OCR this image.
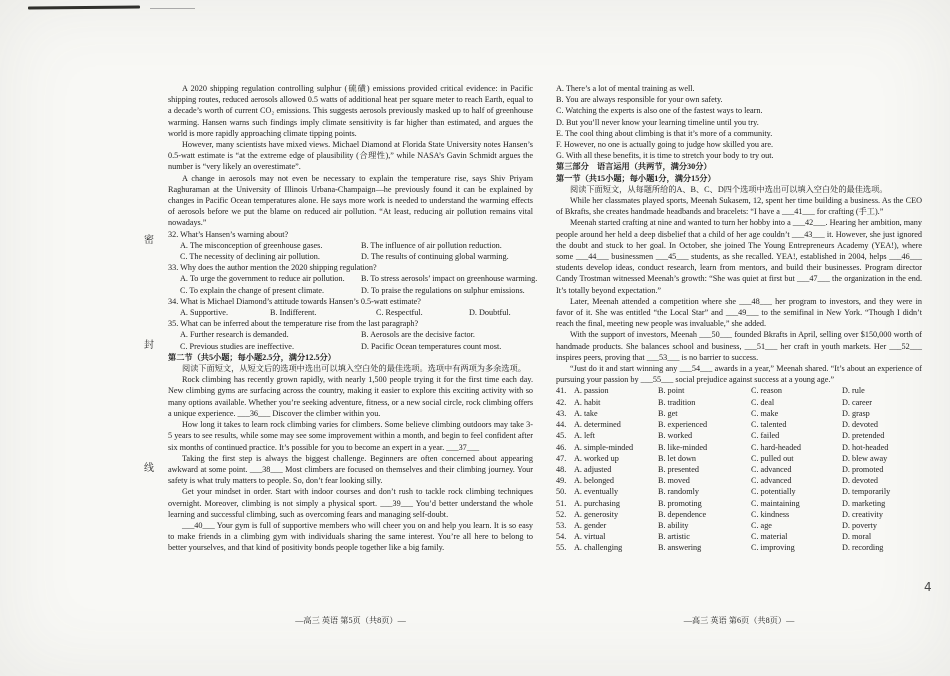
密
封
线

A 2020 shipping regulation controlling sulphur (硫磺) emissions provided critical evidence: in Pacific shipping routes, reduced aerosols allowed 0.5 watts of additional heat per square meter to reach Earth, equal to a decade’s worth of current CO₂ emissions. This suggests aerosols previously masked up to half of greenhouse warming. Hansen warns such findings imply climate sensitivity is far higher than estimated, and argues the world is more rapidly approaching climate tipping points.

However, many scientists have mixed views. Michael Diamond at Florida State University notes Hansen’s 0.5-watt estimate is “at the extreme edge of plausibility (合理性),” while NASA’s Gavin Schmidt argues the number is “very likely an overestimate”.

A change in aerosols may not even be necessary to explain the temperature rise, says Shiv Priyam Raghuraman at the University of Illinois Urbana-Champaign—he previously found it can be explained by changes in Pacific Ocean temperatures alone. He says more work is needed to understand the warming effects of aerosols before we put the blame on reduced air pollution. “At least, reducing air pollution remains vital nowadays.”

32. What’s Hansen’s warning about?
A. The misconception of greenhouse gases.	B. The influence of air pollution reduction.
C. The necessity of declining air pollution.	D. The results of continuing global warming.
33. Why does the author mention the 2020 shipping regulation?
A. To urge the government to reduce air pollution.	B. To stress aerosols’ impact on greenhouse warming.
C. To explain the change of present climate.	D. To praise the regulations on sulphur emissions.
34. What is Michael Diamond’s attitude towards Hansen’s 0.5-watt estimate?
A. Supportive.	B. Indifferent.	C. Respectful.	D. Doubtful.
35. What can be inferred about the temperature rise from the last paragraph?
A. Further research is demanded.	B. Aerosols are the decisive factor.
C. Previous studies are ineffective.	D. Pacific Ocean temperatures count most.
第二节（共5小题；每小题2.5分，满分12.5分）
阅读下面短文，从短文后的选项中选出可以填入空白处的最佳选项。选项中有两项为多余选项。

Rock climbing has recently grown rapidly, with nearly 1,500 people trying it for the first time each day. New climbing gyms are surfacing across the country, making it easier to explore this exciting activity with so many options available. Whether you’re seeking adventure, fitness, or a new social circle, rock climbing offers a unique experience. ___36___ Discover the climber within you.

How long it takes to learn rock climbing varies for climbers. Some believe climbing outdoors may take 3-5 years to see results, while some may see some improvement within a month, and begin to feel confident after six months of continued practice. It’s possible for you to become an expert in a year. ___37___

Taking the first step is always the biggest challenge. Beginners are often concerned about appearing awkward at some point. ___38___ Most climbers are focused on themselves and their climbing journey. Your safety is what truly matters to people. So, don’t fear looking silly.

Get your mindset in order. Start with indoor courses and don’t rush to tackle rock climbing techniques overnight. Moreover, climbing is not simply a physical sport. ___39___ You’d better understand the whole learning and successful climbing, such as overcoming fears and managing self-doubt.

___40___ Your gym is full of supportive members who will cheer you on and help you learn. It is so easy to make friends in a climbing gym with individuals sharing the same interest. You’re all here to belong to better yourselves, and that kind of positivity bonds people together like a big family.

A. There’s a lot of mental training as well.
B. You are always responsible for your own safety.
C. Watching the experts is also one of the fastest ways to learn.
D. But you’ll never know your learning timeline until you try.
E. The cool thing about climbing is that it’s more of a community.
F. However, no one is actually going to judge how skilled you are.
G. With all these benefits, it is time to stretch your body to try out.
第三部分　语言运用（共两节，满分30分）
第一节（共15小题；每小题1分，满分15分）
阅读下面短文，从每题所给的A、B、C、D四个选项中选出可以填入空白处的最佳选项。

While her classmates played sports, Meenah Sukasem, 12, spent her time building a business. As the CEO of Bkrafts, she creates handmade headbands and bracelets: “I have a ___41___ for crafting (手工).”

Meenah started crafting at nine and wanted to turn her hobby into a ___42___. Hearing her ambition, many people around her held a deep disbelief that a child of her age couldn’t ___43___ it. However, she just ignored the doubt and stuck to her goal. In October, she joined The Young Entrepreneurs Academy (YEA!), where some ___44___ businessmen ___45___ students, as she recalled. YEA!, established in 2004, helps ___46___ students develop ideas, conduct research, learn from mentors, and build their businesses. Program director Candy Trostman witnessed Meenah’s growth: “She was quiet at first but ___47___ the organization in the end. It’s totally beyond expectation.”

Later, Meenah attended a competition where she ___48___ her program to investors, and they were in favor of it. She was entitled “the Local Star” and ___49___ to the semifinal in New York. “Though I didn’t reach the final, meeting new people was invaluable,” she added.

With the support of investors, Meenah ___50___ founded Bkrafts in April, selling over $150,000 worth of handmade products. She balances school and business, ___51___ her craft in youth markets. Her ___52___ inspires peers, proving that ___53___ is no barrier to success.

“Just do it and start winning any ___54___ awards in a year,” Meenah shared. “It’s about an experience of pursuing your passion by ___55___ social prejudice against success at a young age.”

41. A. passion	B. point	C. reason	D. rule
42. A. habit	B. tradition	C. deal	D. career
43. A. take	B. get	C. make	D. grasp
44. A. determined	B. experienced	C. talented	D. devoted
45. A. left	B. worked	C. failed	D. pretended
46. A. simple-minded	B. like-minded	C. hard-headed	D. hot-headed
47. A. worked up	B. let down	C. pulled out	D. blew away
48. A. adjusted	B. presented	C. advanced	D. promoted
49. A. belonged	B. moved	C. advanced	D. devoted
50. A. eventually	B. randomly	C. potentially	D. temporarily
51. A. purchasing	B. promoting	C. maintaining	D. marketing
52. A. generosity	B. dependence	C. kindness	D. creativity
53. A. gender	B. ability	C. age	D. poverty
54. A. virtual	B. artistic	C. material	D. moral
55. A. challenging	B. answering	C. improving	D. recording
—高三 英语 第5页（共8页）—	—高三 英语 第6页（共8页）—
4
